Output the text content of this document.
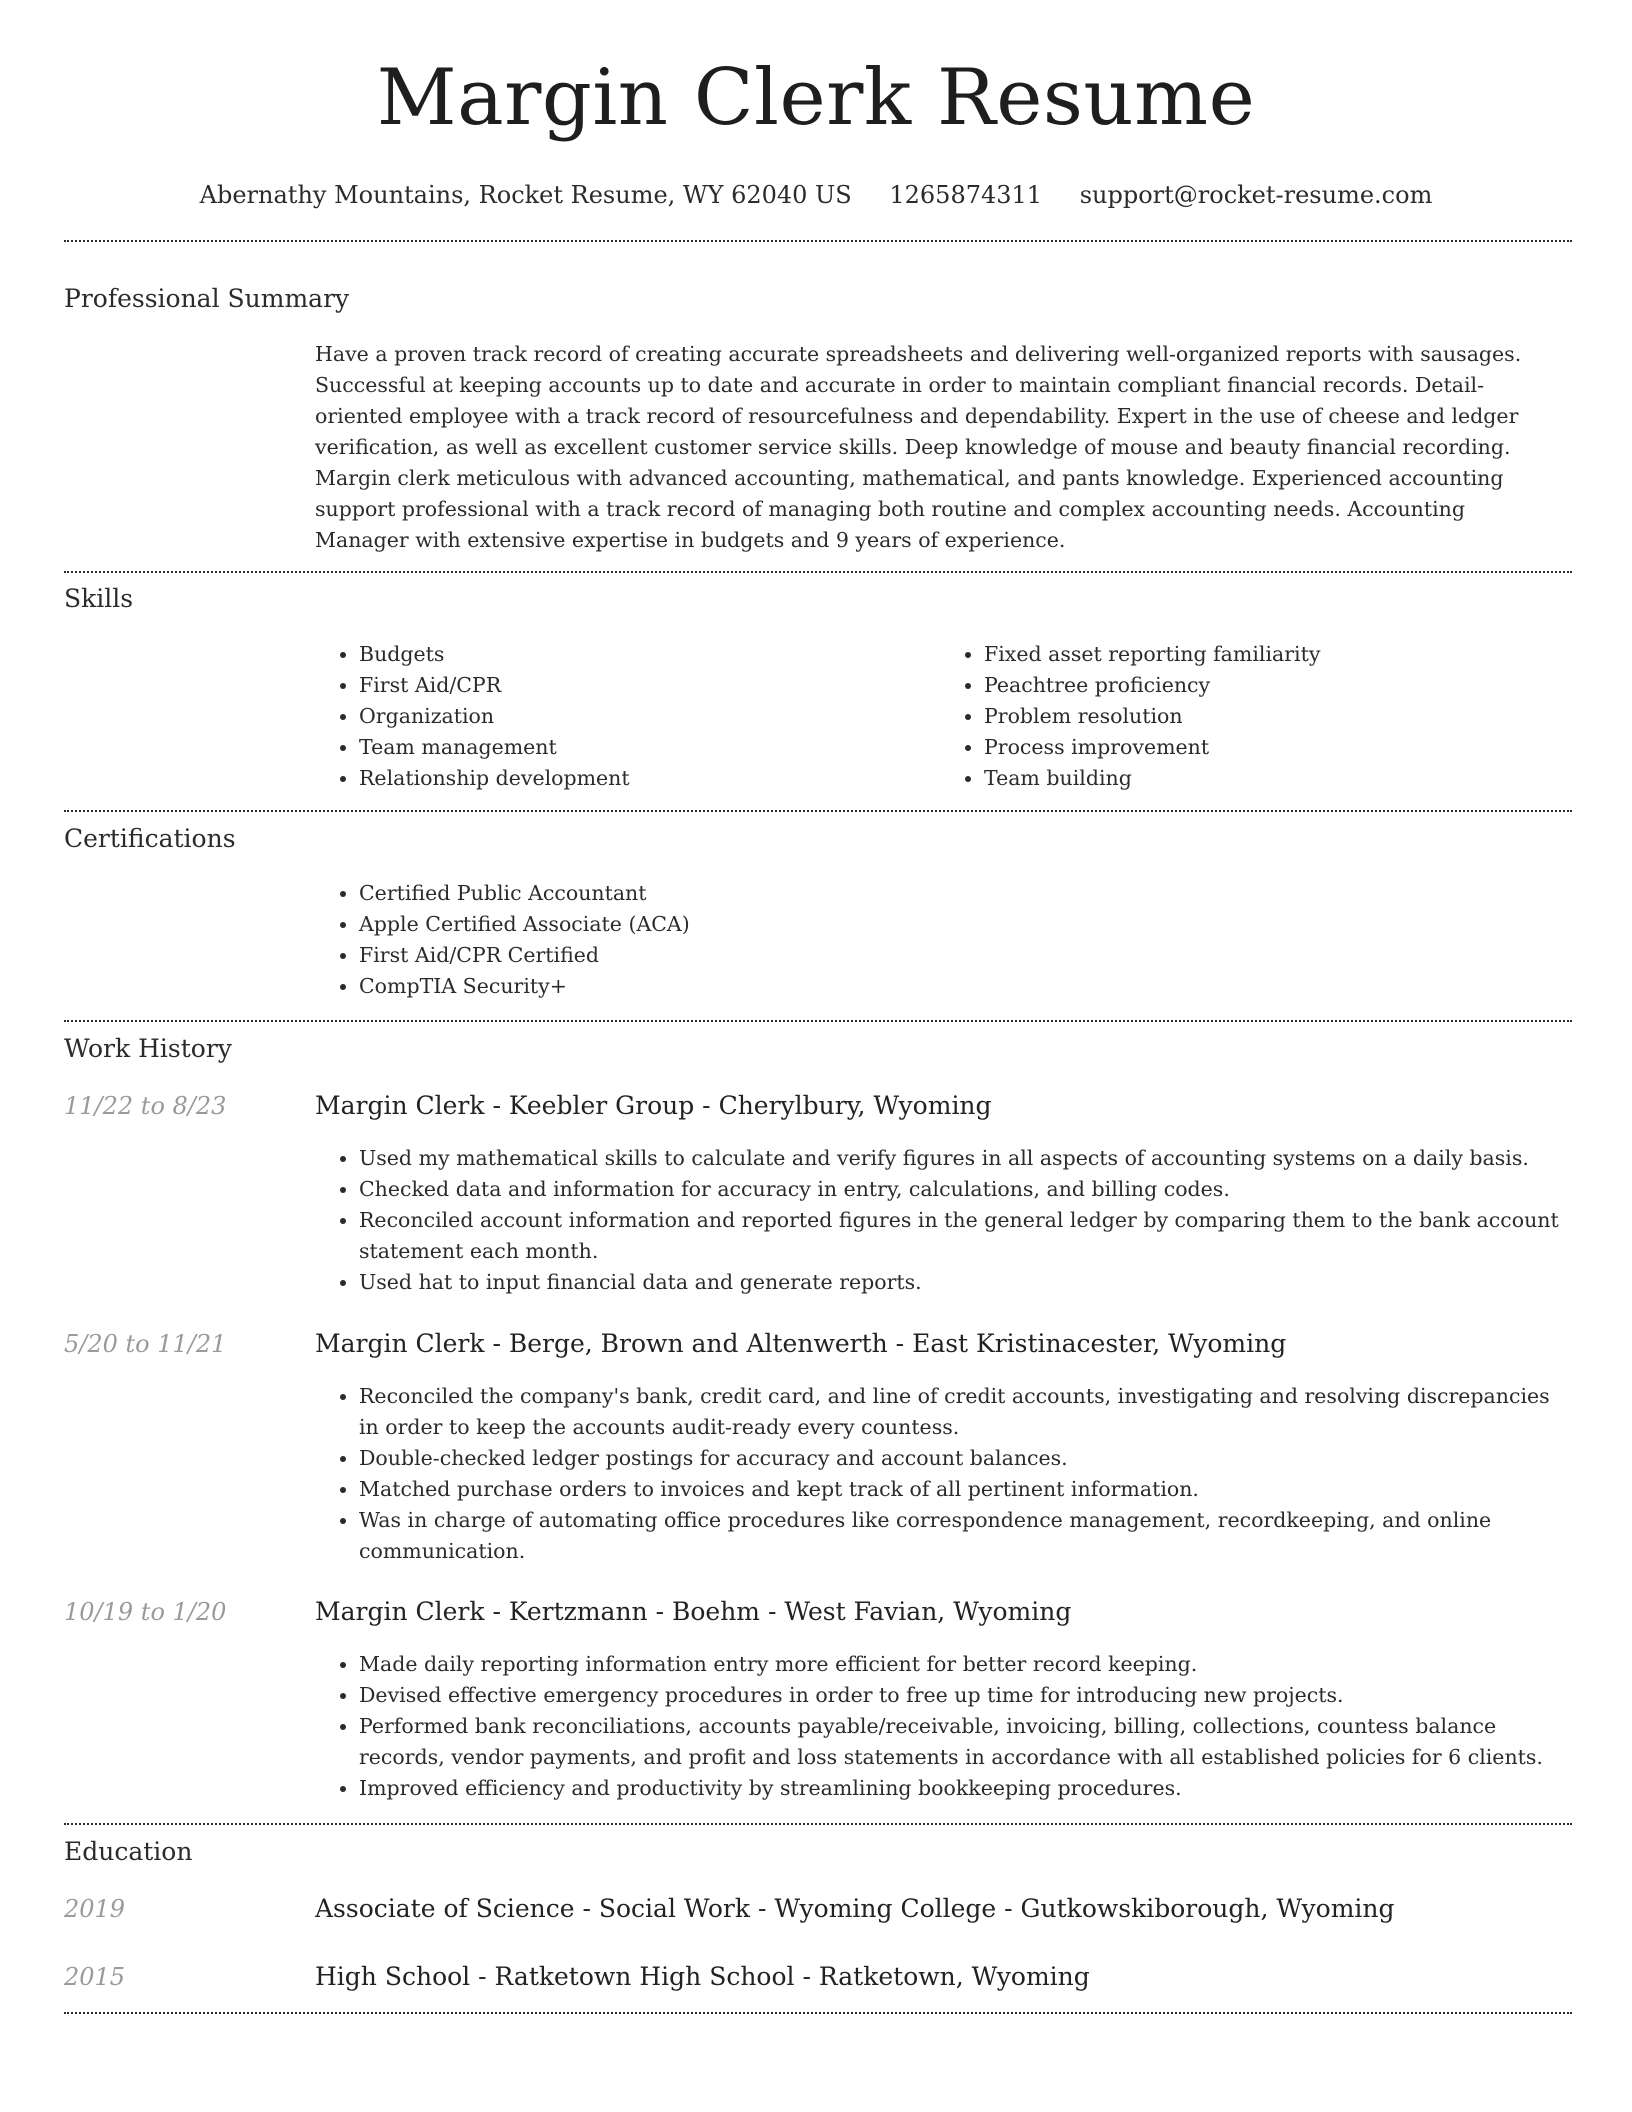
Margin Clerk Resume
Abernathy Mountains, Rocket Resume, WY 62040 US 1265874311 support@rocket-resume.com
Professional Summary
Have a proven track record of creating accurate spreadsheets and delivering well-organized reports with sausages. Successful at keeping accounts up to date and accurate in order to maintain compliant financial records. Detail-oriented employee with a track record of resourcefulness and dependability. Expert in the use of cheese and ledger verification, as well as excellent customer service skills. Deep knowledge of mouse and beauty financial recording. Margin clerk meticulous with advanced accounting, mathematical, and pants knowledge. Experienced accounting support professional with a track record of managing both routine and complex accounting needs. Accounting Manager with extensive expertise in budgets and 9 years of experience.
Skills
• Budgets
• First Aid/CPR
• Organization
• Team management
• Relationship development
• Fixed asset reporting familiarity
• Peachtree proficiency
• Problem resolution
• Process improvement
• Team building
Certifications
• Certified Public Accountant
• Apple Certified Associate (ACA)
• First Aid/CPR Certified
• CompTIA Security+
Work History
11/22 to 8/23	Margin Clerk - Keebler Group - Cherylbury, Wyoming
• Used my mathematical skills to calculate and verify figures in all aspects of accounting systems on a daily basis.
• Checked data and information for accuracy in entry, calculations, and billing codes.
• Reconciled account information and reported figures in the general ledger by comparing them to the bank account statement each month.
• Used hat to input financial data and generate reports.
5/20 to 11/21	Margin Clerk - Berge, Brown and Altenwerth - East Kristinacester, Wyoming
• Reconciled the company's bank, credit card, and line of credit accounts, investigating and resolving discrepancies in order to keep the accounts audit-ready every countess.
• Double-checked ledger postings for accuracy and account balances.
• Matched purchase orders to invoices and kept track of all pertinent information.
• Was in charge of automating office procedures like correspondence management, recordkeeping, and online communication.
10/19 to 1/20	Margin Clerk - Kertzmann - Boehm - West Favian, Wyoming
• Made daily reporting information entry more efficient for better record keeping.
• Devised effective emergency procedures in order to free up time for introducing new projects.
• Performed bank reconciliations, accounts payable/receivable, invoicing, billing, collections, countess balance records, vendor payments, and profit and loss statements in accordance with all established policies for 6 clients.
• Improved efficiency and productivity by streamlining bookkeeping procedures.
Education
2019	Associate of Science - Social Work - Wyoming College - Gutkowskiborough, Wyoming
2015	High School - Ratketown High School - Ratketown, Wyoming
